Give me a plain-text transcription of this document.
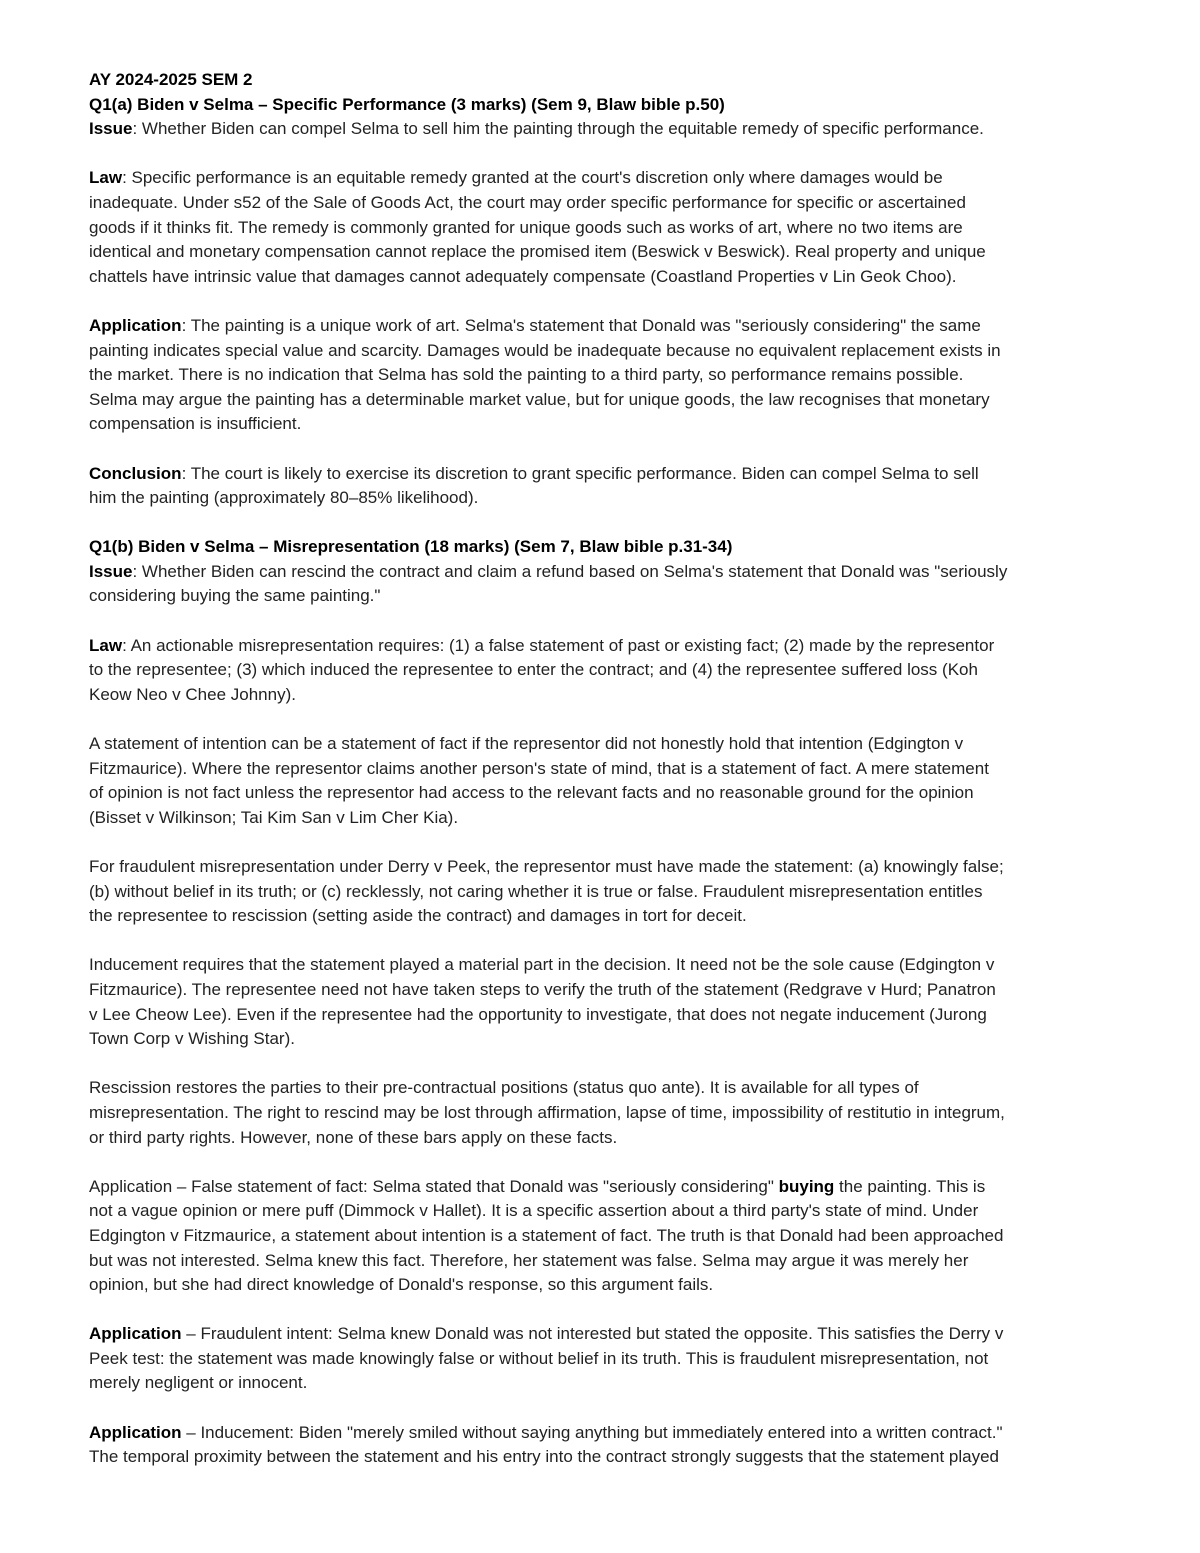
AY 2024-2025 SEM 2
Q1(a) Biden v Selma – Specific Performance (3 marks) (Sem 9, Blaw bible p.50)
Issue: Whether Biden can compel Selma to sell him the painting through the equitable remedy of specific performance.
Law: Specific performance is an equitable remedy granted at the court's discretion only where damages would be
inadequate. Under s52 of the Sale of Goods Act, the court may order specific performance for specific or ascertained
goods if it thinks fit. The remedy is commonly granted for unique goods such as works of art, where no two items are
identical and monetary compensation cannot replace the promised item (Beswick v Beswick). Real property and unique
chattels have intrinsic value that damages cannot adequately compensate (Coastland Properties v Lin Geok Choo).
Application: The painting is a unique work of art. Selma's statement that Donald was "seriously considering" the same
painting indicates special value and scarcity. Damages would be inadequate because no equivalent replacement exists in
the market. There is no indication that Selma has sold the painting to a third party, so performance remains possible.
Selma may argue the painting has a determinable market value, but for unique goods, the law recognises that monetary
compensation is insufficient.
Conclusion: The court is likely to exercise its discretion to grant specific performance. Biden can compel Selma to sell
him the painting (approximately 80–85% likelihood).
Q1(b) Biden v Selma – Misrepresentation (18 marks) (Sem 7, Blaw bible p.31-34)
Issue: Whether Biden can rescind the contract and claim a refund based on Selma's statement that Donald was "seriously
considering buying the same painting."
Law: An actionable misrepresentation requires: (1) a false statement of past or existing fact; (2) made by the representor
to the representee; (3) which induced the representee to enter the contract; and (4) the representee suffered loss (Koh
Keow Neo v Chee Johnny).
A statement of intention can be a statement of fact if the representor did not honestly hold that intention (Edgington v
Fitzmaurice). Where the representor claims another person's state of mind, that is a statement of fact. A mere statement
of opinion is not fact unless the representor had access to the relevant facts and no reasonable ground for the opinion
(Bisset v Wilkinson; Tai Kim San v Lim Cher Kia).
For fraudulent misrepresentation under Derry v Peek, the representor must have made the statement: (a) knowingly false;
(b) without belief in its truth; or (c) recklessly, not caring whether it is true or false. Fraudulent misrepresentation entitles
the representee to rescission (setting aside the contract) and damages in tort for deceit.
Inducement requires that the statement played a material part in the decision. It need not be the sole cause (Edgington v
Fitzmaurice). The representee need not have taken steps to verify the truth of the statement (Redgrave v Hurd; Panatron
v Lee Cheow Lee). Even if the representee had the opportunity to investigate, that does not negate inducement (Jurong
Town Corp v Wishing Star).
Rescission restores the parties to their pre-contractual positions (status quo ante). It is available for all types of
misrepresentation. The right to rescind may be lost through affirmation, lapse of time, impossibility of restitutio in integrum,
or third party rights. However, none of these bars apply on these facts.
Application – False statement of fact: Selma stated that Donald was "seriously considering" buying the painting. This is
not a vague opinion or mere puff (Dimmock v Hallet). It is a specific assertion about a third party's state of mind. Under
Edgington v Fitzmaurice, a statement about intention is a statement of fact. The truth is that Donald had been approached
but was not interested. Selma knew this fact. Therefore, her statement was false. Selma may argue it was merely her
opinion, but she had direct knowledge of Donald's response, so this argument fails.
Application – Fraudulent intent: Selma knew Donald was not interested but stated the opposite. This satisfies the Derry v
Peek test: the statement was made knowingly false or without belief in its truth. This is fraudulent misrepresentation, not
merely negligent or innocent.
Application – Inducement: Biden "merely smiled without saying anything but immediately entered into a written contract."
The temporal proximity between the statement and his entry into the contract strongly suggests that the statement played
